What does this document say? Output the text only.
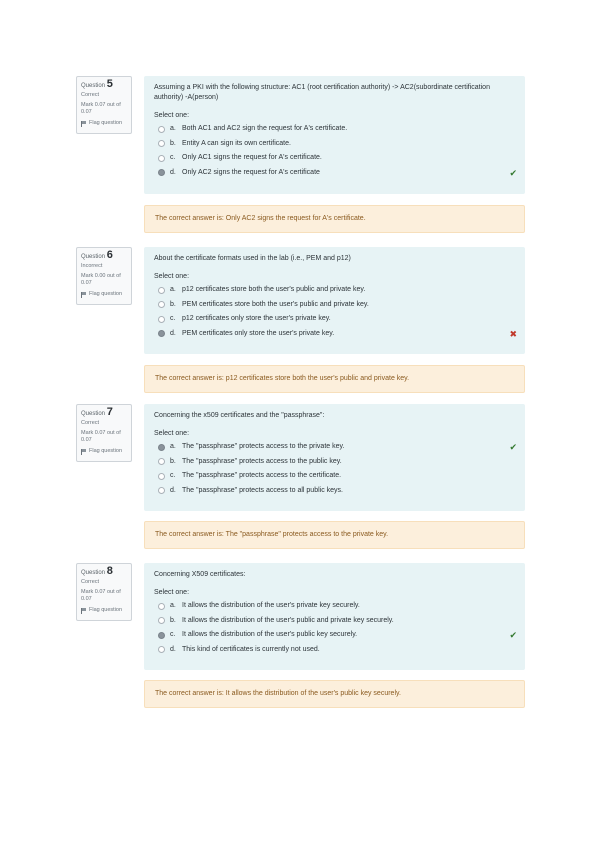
Question 5
Correct
Mark 0.07 out of 0.07
Flag question
Assuming a PKI with the following structure: AC1 (root certification authority) -> AC2(subordinate certification authority) -A(person)
Select one:
a. Both AC1 and AC2 sign the request for A's certificate.
b. Entity A can sign its own certificate.
c. Only AC1 signs the request for A's certificate.
d. Only AC2 signs the request for A's certificate	✔
The correct answer is: Only AC2 signs the request for A's certificate.
Question 6
Incorrect
Mark 0.00 out of 0.07
Flag question
About the certificate formats used in the lab (i.e., PEM and p12)
Select one:
a. p12 certificates store both the user's public and private key.
b. PEM certificates store both the user's public and private key.
c. p12 certificates only store the user's private key.
d. PEM certificates only store the user's private key.	✖
The correct answer is: p12 certificates store both the user's public and private key.
Question 7
Correct
Mark 0.07 out of 0.07
Flag question
Concerning the x509 certificates and the "passphrase":
Select one:
a. The "passphrase" protects access to the private key.	✔
b. The "passphrase" protects access to the public key.
c. The "passphrase" protects access to the certificate.
d. The "passphrase" protects access to all public keys.
The correct answer is: The "passphrase" protects access to the private key.
Question 8
Correct
Mark 0.07 out of 0.07
Flag question
Concerning X509 certificates:
Select one:
a. It allows the distribution of the user's private key securely.
b. It allows the distribution of the user's public and private key securely.
c. It allows the distribution of the user's public key securely.	✔
d. This kind of certificates is currently not used.
The correct answer is: It allows the distribution of the user's public key securely.
